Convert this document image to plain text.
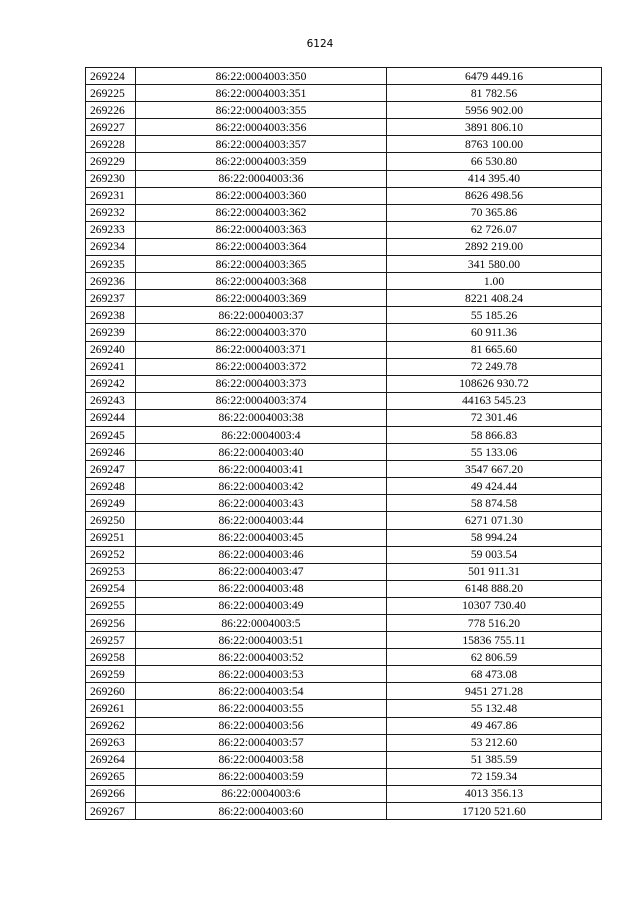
6124
269224	86:22:0004003:350	6479 449.16
269225	86:22:0004003:351	81 782.56
269226	86:22:0004003:355	5956 902.00
269227	86:22:0004003:356	3891 806.10
269228	86:22:0004003:357	8763 100.00
269229	86:22:0004003:359	66 530.80
269230	86:22:0004003:36	414 395.40
269231	86:22:0004003:360	8626 498.56
269232	86:22:0004003:362	70 365.86
269233	86:22:0004003:363	62 726.07
269234	86:22:0004003:364	2892 219.00
269235	86:22:0004003:365	341 580.00
269236	86:22:0004003:368	1.00
269237	86:22:0004003:369	8221 408.24
269238	86:22:0004003:37	55 185.26
269239	86:22:0004003:370	60 911.36
269240	86:22:0004003:371	81 665.60
269241	86:22:0004003:372	72 249.78
269242	86:22:0004003:373	108626 930.72
269243	86:22:0004003:374	44163 545.23
269244	86:22:0004003:38	72 301.46
269245	86:22:0004003:4	58 866.83
269246	86:22:0004003:40	55 133.06
269247	86:22:0004003:41	3547 667.20
269248	86:22:0004003:42	49 424.44
269249	86:22:0004003:43	58 874.58
269250	86:22:0004003:44	6271 071.30
269251	86:22:0004003:45	58 994.24
269252	86:22:0004003:46	59 003.54
269253	86:22:0004003:47	501 911.31
269254	86:22:0004003:48	6148 888.20
269255	86:22:0004003:49	10307 730.40
269256	86:22:0004003:5	778 516.20
269257	86:22:0004003:51	15836 755.11
269258	86:22:0004003:52	62 806.59
269259	86:22:0004003:53	68 473.08
269260	86:22:0004003:54	9451 271.28
269261	86:22:0004003:55	55 132.48
269262	86:22:0004003:56	49 467.86
269263	86:22:0004003:57	53 212.60
269264	86:22:0004003:58	51 385.59
269265	86:22:0004003:59	72 159.34
269266	86:22:0004003:6	4013 356.13
269267	86:22:0004003:60	17120 521.60
